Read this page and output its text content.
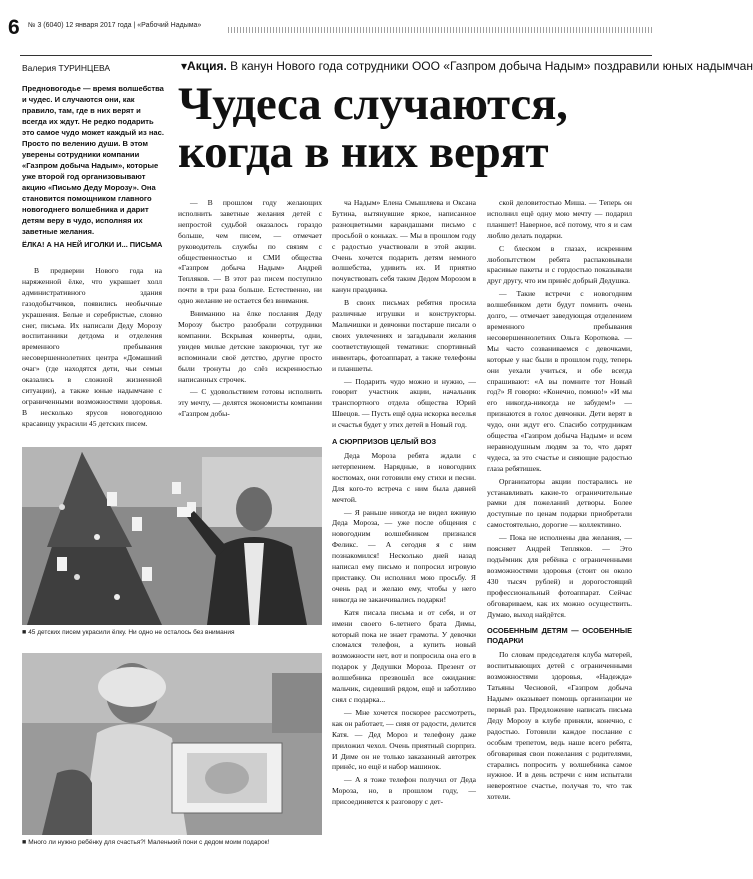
6 № 3 (6040) 12 января 2017 года | «Рабочий Надыма»
Валерия ТУРИНЦЕВА	▾Акция. В канун Нового года сотрудники ООО «Газпром добыча Надым» поздравили юных надымчан
Чудеса случаются,
когда в них верят
Предновогодье — время волшебства и чудес. И случаются они, как правило, там, где в них верят и всегда их ждут. Не редко подарить это самое чудо может каждый из нас. Просто по велению души. В этом уверены сотрудники компании «Газпром добыча Надым», которые уже второй год организовывают акцию «Письмо Деду Морозу». Она становится помощником главного новогоднего волшебника и дарит детям веру в чудо, исполняя их заветные желания.
ЁЛКА! А НА НЕЙ ИГОЛКИ И... ПИСЬМА

В предверии Нового года на наряженной ёлке, что украшает холл административного здания газодобытчиков, появились необычные украшения. Белые и серебристые, словно снег, письма. Их написали Деду Морозу воспитанники детдома и отделения временного пребывания несовершеннолетних центра «Домашний очаг» (где находятся дети, чьи семьи оказались в сложной жизненной ситуации), а также юные надымчане с ограниченными возможностями здоровья. В несколько ярусов новогоднюю красавицу украсили 45 детских писем.

— В прошлом году желающих исполнить заветные желания детей с непростой судьбой оказалось гораздо больше, чем писем, — отмечает руководитель службы по связям с общественностью и СМИ общества «Газпром добыча Надым» Андрей Тепляков. — В этот раз писем поступило почти в три раза больше. Естественно, ни одно желание не остается без внимания.

Вниманию на ёлке послания Деду Морозу быстро разобрали сотрудники компании. Вскрывая конверты, одни, увидев милые детские закорючки, тут же вспоминали своё детство, другие просто были тронуты до слёз искренностью написанных строчек.

— С удовольствием готовы исполнить эту мечту, — делятся экономисты компании «Газпром добы-

ча Надым» Елена Смышляева и Оксана Бутина, вытянувшие яркое, написанное разноцветными карандашами письмо с просьбой о коньках. — Мы в прошлом году с радостью участвовали в этой акции. Очень хочется подарить детям немного волшебства, удивить их. И приятно почувствовать себя таким Дедом Морозом в канун праздника.

В своих письмах ребятня просила различные игрушки и конструкторы. Мальчишки и девчонки постарше писали о своих увлечениях и загадывали желания соответствующей тематики: спортивный инвентарь, фотоаппарат, а также телефоны и планшеты.

— Подарить чудо можно и нужно, — говорит участник акции, начальник транспортного отдела общества Юрий Швецов. — Пусть ещё одна искорка веселья и счастья будет у этих детей в Новый год.

А СЮРПРИЗОВ ЦЕЛЫЙ ВОЗ

Деда Мороза ребята ждали с нетерпением. Нарядные, в новогодних костюмах, они готовили ему стихи и песни. Для кого-то встреча с ним была давней мечтой.

— Я раньше никогда не видел вживую Деда Мороза, — уже после общения с новогодним волшебником признался Феликс. — А сегодня я с ним познакомился! Несколько дней назад написал ему письмо и попросил игровую приставку. Он исполнил мою просьбу. Я очень рад и желаю ему, чтобы у него никогда не заканчивались подарки!

Катя писала письма и от себя, и от имени своего 6-летнего брата Димы, который пока не знает грамоты. У девочки сломался телефон, а купить новый возможности нет, вот и попросила она его в подарок у Дедушки Мороза. Презент от волшебника презвошёл все ожидания: мальчик, сидевший рядом, ещё и заботливо снял с подарка...

— Мне хочется поскорее рассмотреть, как он работает, — сияя от радости, делится Катя. — Дед Мороз и телефону даже приложил чехол. Очень приятный сюрприз. И Диме он не только заказанный автотрек принёс, но ещё и набор машинок.

— А я тоже телефон получил от Деда Мороза, но, в прошлом году, — присоединяется к разговору с дет-

ской деловитостью Миша. — Теперь он исполнил ещё одну мою мечту — подарил планшет! Наверное, всё потому, что я и сам люблю делать подарки.

С блеском в глазах, искренним любопытством ребята распаковывали красивые пакеты и с гордостью показывали друг другу, что им принёс добрый Дедушка.

— Такие встречи с новогодним волшебником дети будут помнить очень долго, — отмечает заведующая отделением временного пребывания несовершеннолетних Ольга Короткова. — Мы часто созваниваемся с девочками, которые у нас были в прошлом году, теперь они уехали учиться, и обе всегда спрашивают: «А вы помните тот Новый год?» Я говорю: «Конечно, помню!» «И мы его никогда-никогда не забудем!» — признаются в голос девчонки. Дети верят в чудо, они ждут его. Спасибо сотрудникам общества «Газпром добыча Надым» и всем неравнодушным людям за то, что дарят чудеса, за это счастье и сияющие радостью глаза ребятишек.

Организаторы акции постарались не устанавливать какие-то ограничительные рамки для пожеланий детворы. Более доступные по ценам подарки приобретали самостоятельно, дорогие — коллективно.

— Пока не исполнены два желания, — поясняет Андрей Тепляков. — Это подъёмник для ребёнка с ограниченными возможностями здоровья (стоит он около 430 тысяч рублей) и дорогостоящий профессиональный фотоаппарат. Сейчас обговариваем, как их можно осуществить. Думаю, выход найдётся.

ОСОБЕННЫМ ДЕТЯМ — ОСОБЕННЫЕ ПОДАРКИ

По словам председателя клуба матерей, воспитывающих детей с ограниченными возможностями здоровья, «Надежда» Татьяны Чесновой, «Газпром добыча Надым» оказывает помощь организации не первый раз. Предложение написать письма Деду Морозу в клубе приняли, конечно, с радостью. Готовили каждое послание с особым трепетом, ведь наше всего ребята, обговаривая свои пожелания с родителями, старались попросить у волшебника самое нужное. И в день встречи с ним испытали невероятное счастье, получая то, что так хотели.

■ 45 детских писем украсили ёлку. Ни одно не осталось без внимания
■ Много ли нужно ребёнку для счастья?! Маленький пони с дедом моим подарок!
